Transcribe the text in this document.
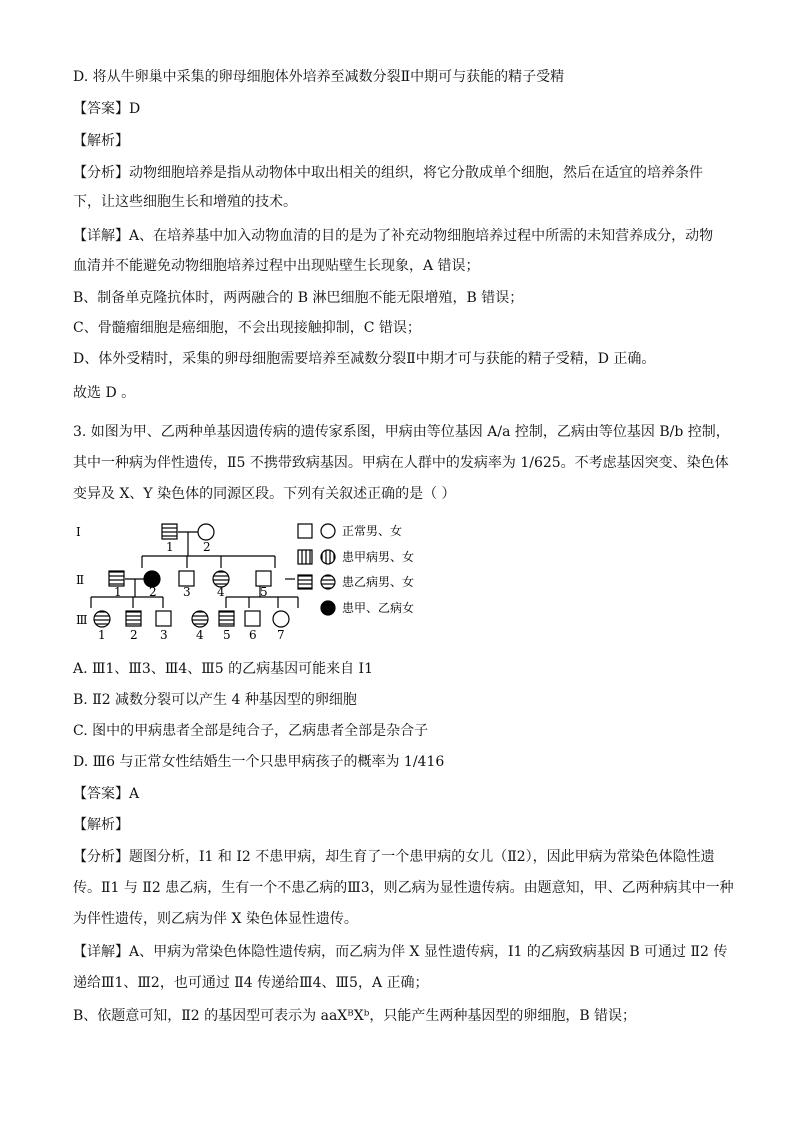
D. 将从牛卵巢中采集的卵母细胞体外培养至减数分裂Ⅱ中期可与获能的精子受精
【答案】D
【解析】
【分析】动物细胞培养是指从动物体中取出相关的组织，将它分散成单个细胞，然后在适宜的培养条件
下，让这些细胞生长和增殖的技术。
【详解】A、在培养基中加入动物血清的目的是为了补充动物细胞培养过程中所需的未知营养成分，动物
血清并不能避免动物细胞培养过程中出现贴壁生长现象，A 错误；
B、制备单克隆抗体时，两两融合的 B 淋巴细胞不能无限增殖，B 错误；
C、骨髓瘤细胞是癌细胞，不会出现接触抑制，C 错误；
D、体外受精时，采集的卵母细胞需要培养至减数分裂Ⅱ中期才可与获能的精子受精，D 正确。
故选 D 。
3. 如图为甲、乙两种单基因遗传病的遗传家系图，甲病由等位基因 A/a 控制，乙病由等位基因 B/b 控制，
其中一种病为伴性遗传，Ⅱ5 不携带致病基因。甲病在人群中的发病率为 1/625。不考虑基因突变、染色体
变异及 X、Y 染色体的同源区段。下列有关叙述正确的是（ ）
Ⅰ
Ⅱ
Ⅲ
1 2
1 2 3 4	5
1 2 3 4 5 6 7
正常男、女
患甲病男、女
患乙病男、女
患甲、乙病女
A. Ⅲ1、Ⅲ3、Ⅲ4、Ⅲ5 的乙病基因可能来自 Ⅰ1
B. Ⅱ2 减数分裂可以产生 4 种基因型的卵细胞
C. 图中的甲病患者全部是纯合子，乙病患者全部是杂合子
D. Ⅲ6 与正常女性结婚生一个只患甲病孩子的概率为 1/416
【答案】A
【解析】
【分析】题图分析，Ⅰ1 和 Ⅰ2 不患甲病，却生育了一个患甲病的女儿（Ⅱ2），因此甲病为常染色体隐性遗
传。Ⅱ1 与 Ⅱ2 患乙病，生有一个不患乙病的Ⅲ3，则乙病为显性遗传病。由题意知，甲、乙两种病其中一种
为伴性遗传，则乙病为伴 X 染色体显性遗传。
【详解】A、甲病为常染色体隐性遗传病，而乙病为伴 X 显性遗传病，Ⅰ1 的乙病致病基因 B 可通过 Ⅱ2 传
递给Ⅲ1、Ⅲ2，也可通过 Ⅱ4 传递给Ⅲ4、Ⅲ5，A 正确；
B、依题意可知，Ⅱ2 的基因型可表示为 aaXᴮXᵇ，只能产生两种基因型的卵细胞，B 错误；
